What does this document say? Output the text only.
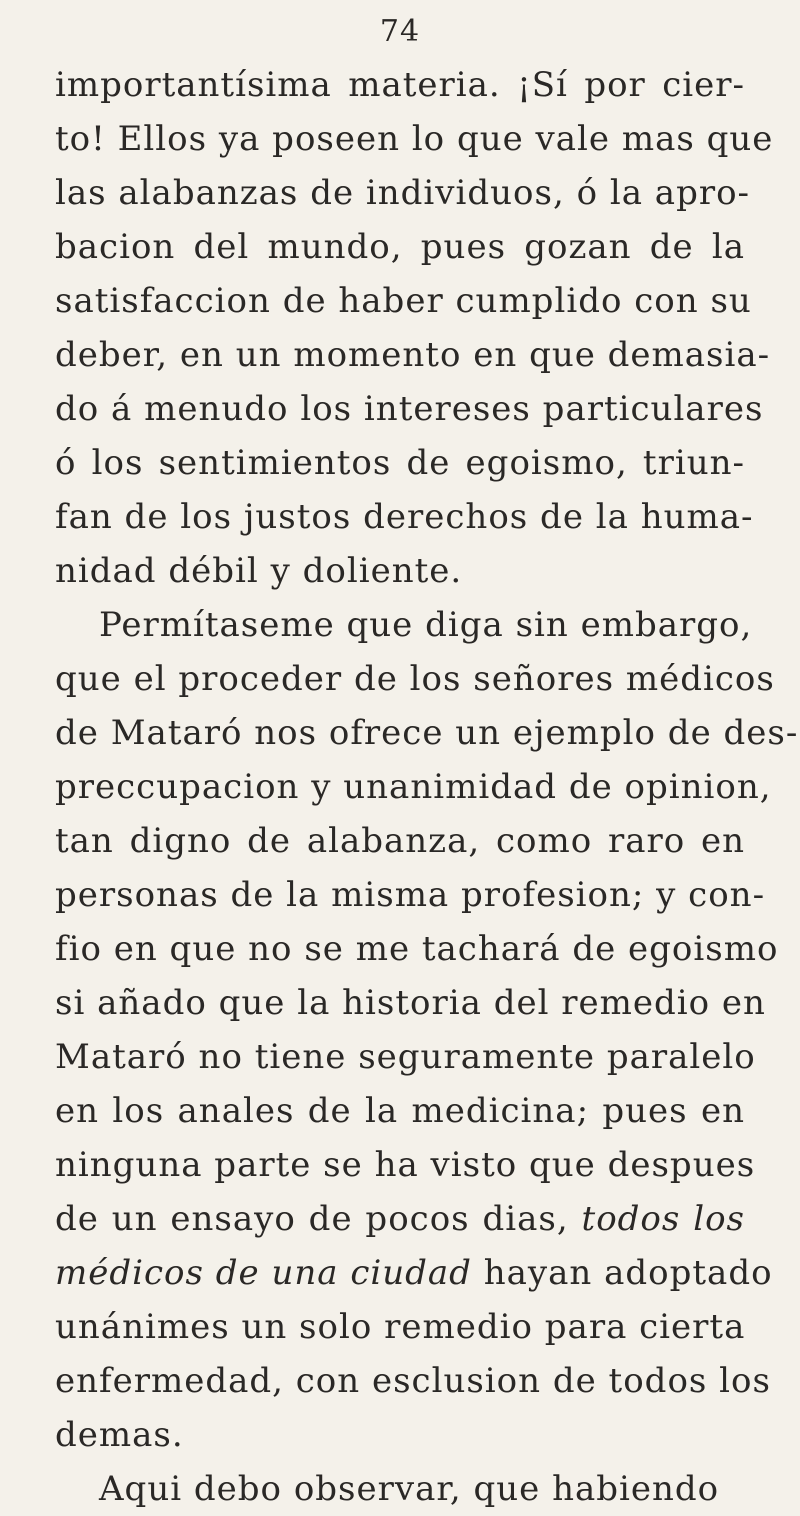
74
importantísima materia. ¡Sí por cier-
to! Ellos ya poseen lo que vale mas que
las alabanzas de individuos, ó la apro-
bacion del mundo, pues gozan de la
satisfaccion de haber cumplido con su
deber, en un momento en que demasia-
do á menudo los intereses particulares
ó los sentimientos de egoismo, triun-
fan de los justos derechos de la huma-
nidad débil y doliente.
Permítaseme que diga sin embargo,
que el proceder de los señores médicos
de Mataró nos ofrece un ejemplo de des-
preccupacion y unanimidad de opinion,
tan digno de alabanza, como raro en
personas de la misma profesion; y con-
fio en que no se me tachará de egoismo
si añado que la historia del remedio en
Mataró no tiene seguramente paralelo
en los anales de la medicina; pues en
ninguna parte se ha visto que despues
de un ensayo de pocos dias, todos los
médicos de una ciudad hayan adoptado
unánimes un solo remedio para cierta
enfermedad, con esclusion de todos los
demas.
Aqui debo observar, que habiendo
